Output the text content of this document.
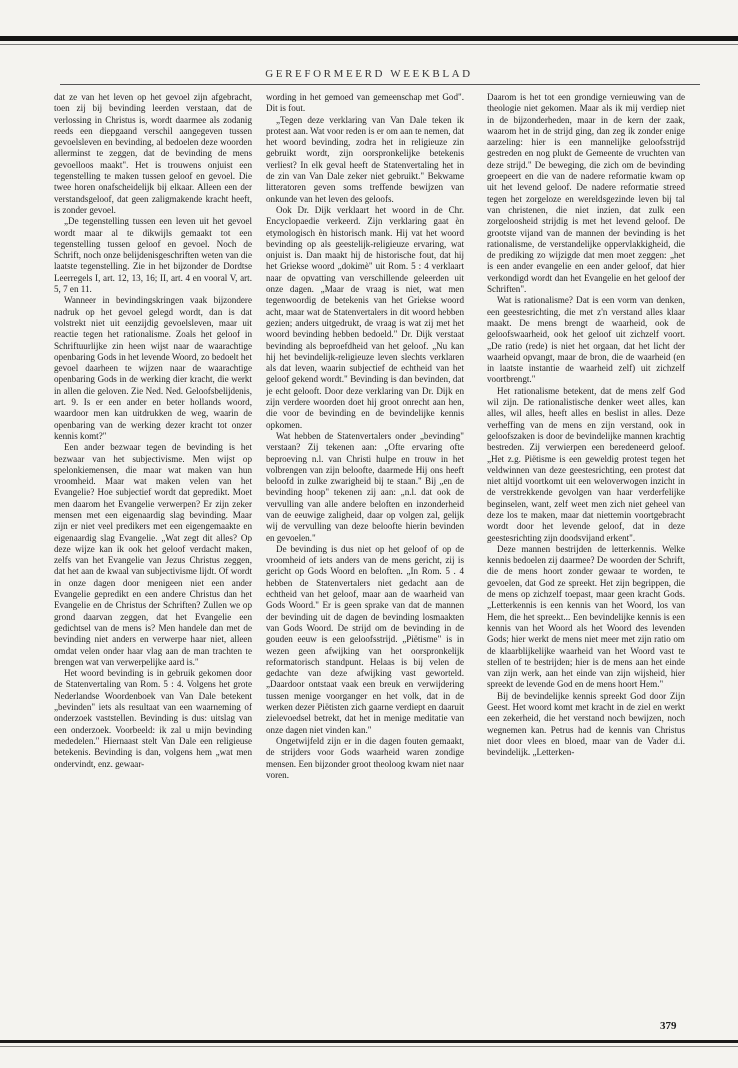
GEREFORMEERD WEEKBLAD

dat ze van het leven op het gevoel zijn afgebracht, toen zij bij bevinding leerden verstaan, dat de verlossing in Christus is, wordt daarmee als zodanig reeds een diepgaand verschil aangegeven tussen gevoelsleven en bevinding, al bedoelen deze woorden allerminst te zeggen, dat de bevinding de mens gevoelloos maakt". Het is trouwens onjuist een tegenstelling te maken tussen geloof en gevoel. Die twee horen onafscheidelijk bij elkaar. Alleen een der verstandsgeloof, dat geen zaligmakende kracht heeft, is zonder gevoel.

„De tegenstelling tussen een leven uit het gevoel wordt maar al te dikwijls gemaakt tot een tegenstelling tussen geloof en gevoel. Noch de Schrift, noch onze belijdenisgeschriften weten van die laatste tegenstelling. Zie in het bijzonder de Dordtse Leerregels I, art. 12, 13, 16; II, art. 4 en vooral V, art. 5, 7 en 11.

Wanneer in bevindingskringen vaak bijzondere nadruk op het gevoel gelegd wordt, dan is dat volstrekt niet uit eenzijdig gevoelsleven, maar uit reactie tegen het rationalisme. Zoals het geloof in Schriftuurlijke zin heen wijst naar de waarachtige openbaring Gods in het levende Woord, zo bedoelt het gevoel daarheen te wijzen naar de waarachtige openbaring Gods in de werking dier kracht, die werkt in allen die geloven. Zie Ned. Ned. Geloofsbelijdenis, art. 9. Is er een ander en beter hollands woord, waardoor men kan uitdrukken de weg, waarin de openbaring van de werking dezer kracht tot onzer kennis komt?"

Een ander bezwaar tegen de bevinding is het bezwaar van het subjectivisme. Men wijst op spelonkiemensen, die maar wat maken van hun vroomheid. Maar wat maken velen van het Evangelie? Hoe subjectief wordt dat gepredikt. Moet men daarom het Evangelie verwerpen? Er zijn zeker mensen met een eigenaardig slag bevinding. Maar zijn er niet veel predikers met een eigengemaakte en eigenaardig slag Evangelie. „Wat zegt dit alles? Op deze wijze kan ik ook het geloof verdacht maken, zelfs van het Evangelie van Jezus Christus zeggen, dat het aan de kwaal van subjectivisme lijdt. Of wordt in onze dagen door menigeen niet een ander Evangelie gepredikt en een andere Christus dan het Evangelie en de Christus der Schriften? Zullen we op grond daarvan zeggen, dat het Evangelie een gedichtsel van de mens is? Men handele dan met de bevinding niet anders en verwerpe haar niet, alleen omdat velen onder haar vlag aan de man trachten te brengen wat van verwerpelijke aard is."

Het woord bevinding is in gebruik gekomen door de Statenvertaling van Rom. 5 : 4. Volgens het grote Nederlandse Woordenboek van Van Dale betekent „bevinden" iets als resultaat van een waarneming of onderzoek vaststellen. Bevinding is dus: uitslag van een onderzoek. Voorbeeld: ik zal u mijn bevinding mededelen." Hiernaast stelt Van Dale een religieuse betekenis. Bevinding is dan, volgens hem „wat men ondervindt, enz. gewaar-

wording in het gemoed van gemeenschap met God". Dit is fout.

„Tegen deze verklaring van Van Dale teken ik protest aan. Wat voor reden is er om aan te nemen, dat het woord bevinding, zodra het in religieuze zin gebruikt wordt, zijn oorspronkelijke betekenis verliest? In elk geval heeft de Statenvertaling het in de zin van Van Dale zeker niet gebruikt." Bekwame litteratoren geven soms treffende bewijzen van onkunde van het leven des geloofs.

Ook Dr. Dijk verklaart het woord in de Chr. Encyclopaedie verkeerd. Zijn verklaring gaat èn etymologisch èn historisch mank. Hij vat het woord bevinding op als geestelijk-religieuze ervaring, wat onjuist is. Dan maakt hij de historische fout, dat hij het Griekse woord „dokimè" uit Rom. 5 : 4 verklaart naar de opvatting van verschillende geleerden uit onze dagen. „Maar de vraag is niet, wat men tegenwoordig de betekenis van het Griekse woord acht, maar wat de Statenvertalers in dit woord hebben gezien; anders uitgedrukt, de vraag is wat zij met het woord bevinding hebben bedoeld." Dr. Dijk verstaat bevinding als beproefdheid van het geloof. „Nu kan hij het bevindelijk-religieuze leven slechts verklaren als dat leven, waarin subjectief de echtheid van het geloof gekend wordt." Bevinding is dan bevinden, dat je echt gelooft. Door deze verklaring van Dr. Dijk en zijn verdere woorden doet hij groot onrecht aan hen, die voor de bevinding en de bevindelijke kennis opkomen.

Wat hebben de Statenvertalers onder „bevinding" verstaan? Zij tekenen aan: „Ofte ervaring ofte beproeving n.l. van Christi hulpe en trouw in het volbrengen van zijn beloofte, daarmede Hij ons heeft beloofd in zulke zwarigheid bij te staan." Bij „en de bevinding hoop" tekenen zij aan: „n.l. dat ook de vervulling van alle andere beloften en inzonderheid van de eeuwige zaligheid, daar op volgen zal, gelijk wij de vervulling van deze beloofte hierin bevinden en gevoelen."

De bevinding is dus niet op het geloof of op de vroomheid of iets anders van de mens gericht, zij is gericht op Gods Woord en beloften. „In Rom. 5 . 4 hebben de Statenvertalers niet gedacht aan de echtheid van het geloof, maar aan de waarheid van Gods Woord." Er is geen sprake van dat de mannen der bevinding uit de dagen de bevinding losmaakten van Gods Woord. De strijd om de bevinding in de gouden eeuw is een geloofsstrijd. „Piëtisme" is in wezen geen afwijking van het oorspronkelijk reformatorisch standpunt. Helaas is bij velen de gedachte van deze afwijking vast geworteld. „Daardoor ontstaat vaak een breuk en verwijdering tussen menige voorganger en het volk, dat in de werken dezer Piëtisten zich gaarne verdiept en daaruit zielevoedsel betrekt, dat het in menige meditatie van onze dagen niet vinden kan."

Ongetwijfeld zijn er in die dagen fouten gemaakt, de strijders voor Gods waarheid waren zondige mensen. Een bijzonder groot theoloog kwam niet naar voren.

Daarom is het tot een grondige vernieuwing van de theologie niet gekomen. Maar als ik mij verdiep niet in de bijzonderheden, maar in de kern der zaak, waarom het in de strijd ging, dan zeg ik zonder enige aarzeling: hier is een mannelijke geloofsstrijd gestreden en nog plukt de Gemeente de vruchten van deze strijd." De beweging, die zich om de bevinding groepeert en die van de nadere reformatie kwam op uit het levend geloof. De nadere reformatie streed tegen het zorgeloze en wereldsgezinde leven bij tal van christenen, die niet inzien, dat zulk een zorgeloosheid strijdig is met het levend geloof. De grootste vijand van de mannen der bevinding is het rationalisme, de verstandelijke oppervlakkigheid, die de prediking zo wijzigde dat men moet zeggen: „het is een ander evangelie en een ander geloof, dat hier verkondigd wordt dan het Evangelie en het geloof der Schriften".

Wat is rationalisme? Dat is een vorm van denken, een geestesrichting, die met z'n verstand alles klaar maakt. De mens brengt de waarheid, ook de geloofswaarheid, ook het geloof uit zichzelf voort. „De ratio (rede) is niet het orgaan, dat het licht der waarheid opvangt, maar de bron, die de waarheid (en in laatste instantie de waarheid zelf) uit zichzelf voortbrengt."

Het rationalisme betekent, dat de mens zelf God wil zijn. De rationalistische denker weet alles, kan alles, wil alles, heeft alles en beslist in alles. Deze verheffing van de mens en zijn verstand, ook in geloofszaken is door de bevindelijke mannen krachtig bestreden. Zij verwierpen een beredeneerd geloof. „Het z.g. Piëtisme is een geweldig protest tegen het veldwinnen van deze geestesrichting, een protest dat niet altijd voortkomt uit een weloverwogen inzicht in de verstrekkende gevolgen van haar verderfelijke beginselen, want, zelf weet men zich niet geheel van deze los te maken, maar dat niettemin voortgebracht wordt door het levende geloof, dat in deze geestesrichting zijn doodsvijand erkent".

Deze mannen bestrijden de letterkennis. Welke kennis bedoelen zij daarmee? De woorden der Schrift, die de mens hoort zonder gewaar te worden, te gevoelen, dat God ze spreekt. Het zijn begrippen, die de mens op zichzelf toepast, maar geen kracht Gods. „Letterkennis is een kennis van het Woord, los van Hem, die het spreekt... Een bevindelijke kennis is een kennis van het Woord als het Woord des levenden Gods; hier werkt de mens niet meer met zijn ratio om de klaarblijkelijke waarheid van het Woord vast te stellen of te bestrijden; hier is de mens aan het einde van zijn werk, aan het einde van zijn wijsheid, hier spreekt de levende God en de mens hoort Hem."

Bij de bevindelijke kennis spreekt God door Zijn Geest. Het woord komt met kracht in de ziel en werkt een zekerheid, die het verstand noch bewijzen, noch wegnemen kan. Petrus had de kennis van Christus niet door vlees en bloed, maar van de Vader d.i. bevindelijk. „Letterken-

379
